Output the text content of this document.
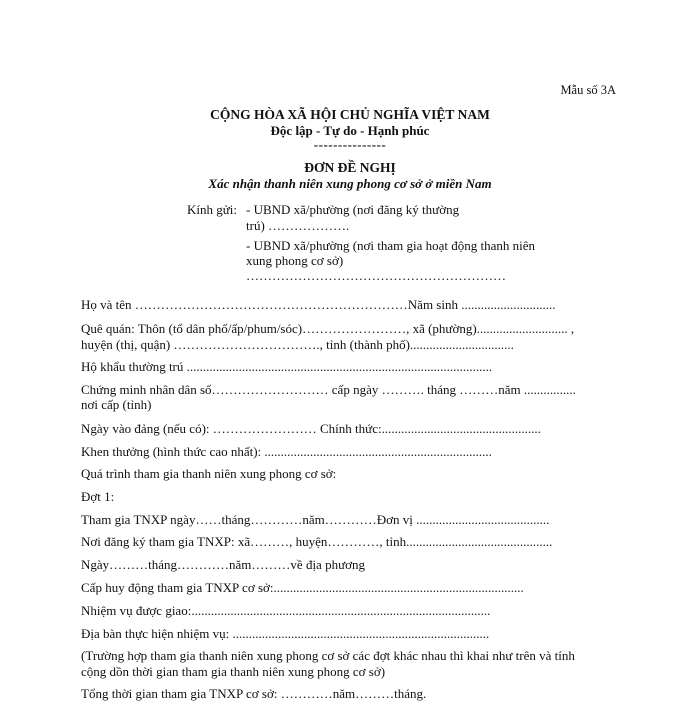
Mẫu số 3A
CỘNG HÒA XÃ HỘI CHỦ NGHĨA VIỆT NAM
Độc lập - Tự do - Hạnh phúc
---------------
ĐƠN ĐỀ NGHỊ
Xác nhận thanh niên xung phong cơ sở ở miền Nam
Kính gửi: - UBND xã/phường (nơi đăng ký thường
trú) ……………….
- UBND xã/phường (nơi tham gia hoạt động thanh niên
xung phong cơ sở)
……………………………………………………
Họ và tên ………………………………………………………Năm sinh .............................
Quê quán: Thôn (tổ dân phố/ấp/phum/sóc)……………………, xã (phường)............................ ,
huyện (thị, quận) ……………………………., tỉnh (thành phố)................................
Hộ khẩu thường trú ..............................................................................................
Chứng minh nhân dân số……………………… cấp ngày ………. tháng ………năm ................
nơi cấp (tỉnh)
Ngày vào đảng (nếu có): …………………… Chính thức:.................................................
Khen thưởng (hình thức cao nhất): ......................................................................
Quá trình tham gia thanh niên xung phong cơ sở:
Đợt 1:
Tham gia TNXP ngày……tháng…………năm…………Đơn vị .........................................
Nơi đăng ký tham gia TNXP: xã………, huyện…………, tỉnh.............................................
Ngày………tháng…………năm………về địa phương
Cấp huy động tham gia TNXP cơ sở:.............................................................................
Nhiệm vụ được giao:............................................................................................
Địa bàn thực hiện nhiệm vụ: ...............................................................................
(Trường hợp tham gia thanh niên xung phong cơ sở các đợt khác nhau thì khai như trên và tính
cộng dồn thời gian tham gia thanh niên xung phong cơ sở)
Tổng thời gian tham gia TNXP cơ sở: …………năm………tháng.
